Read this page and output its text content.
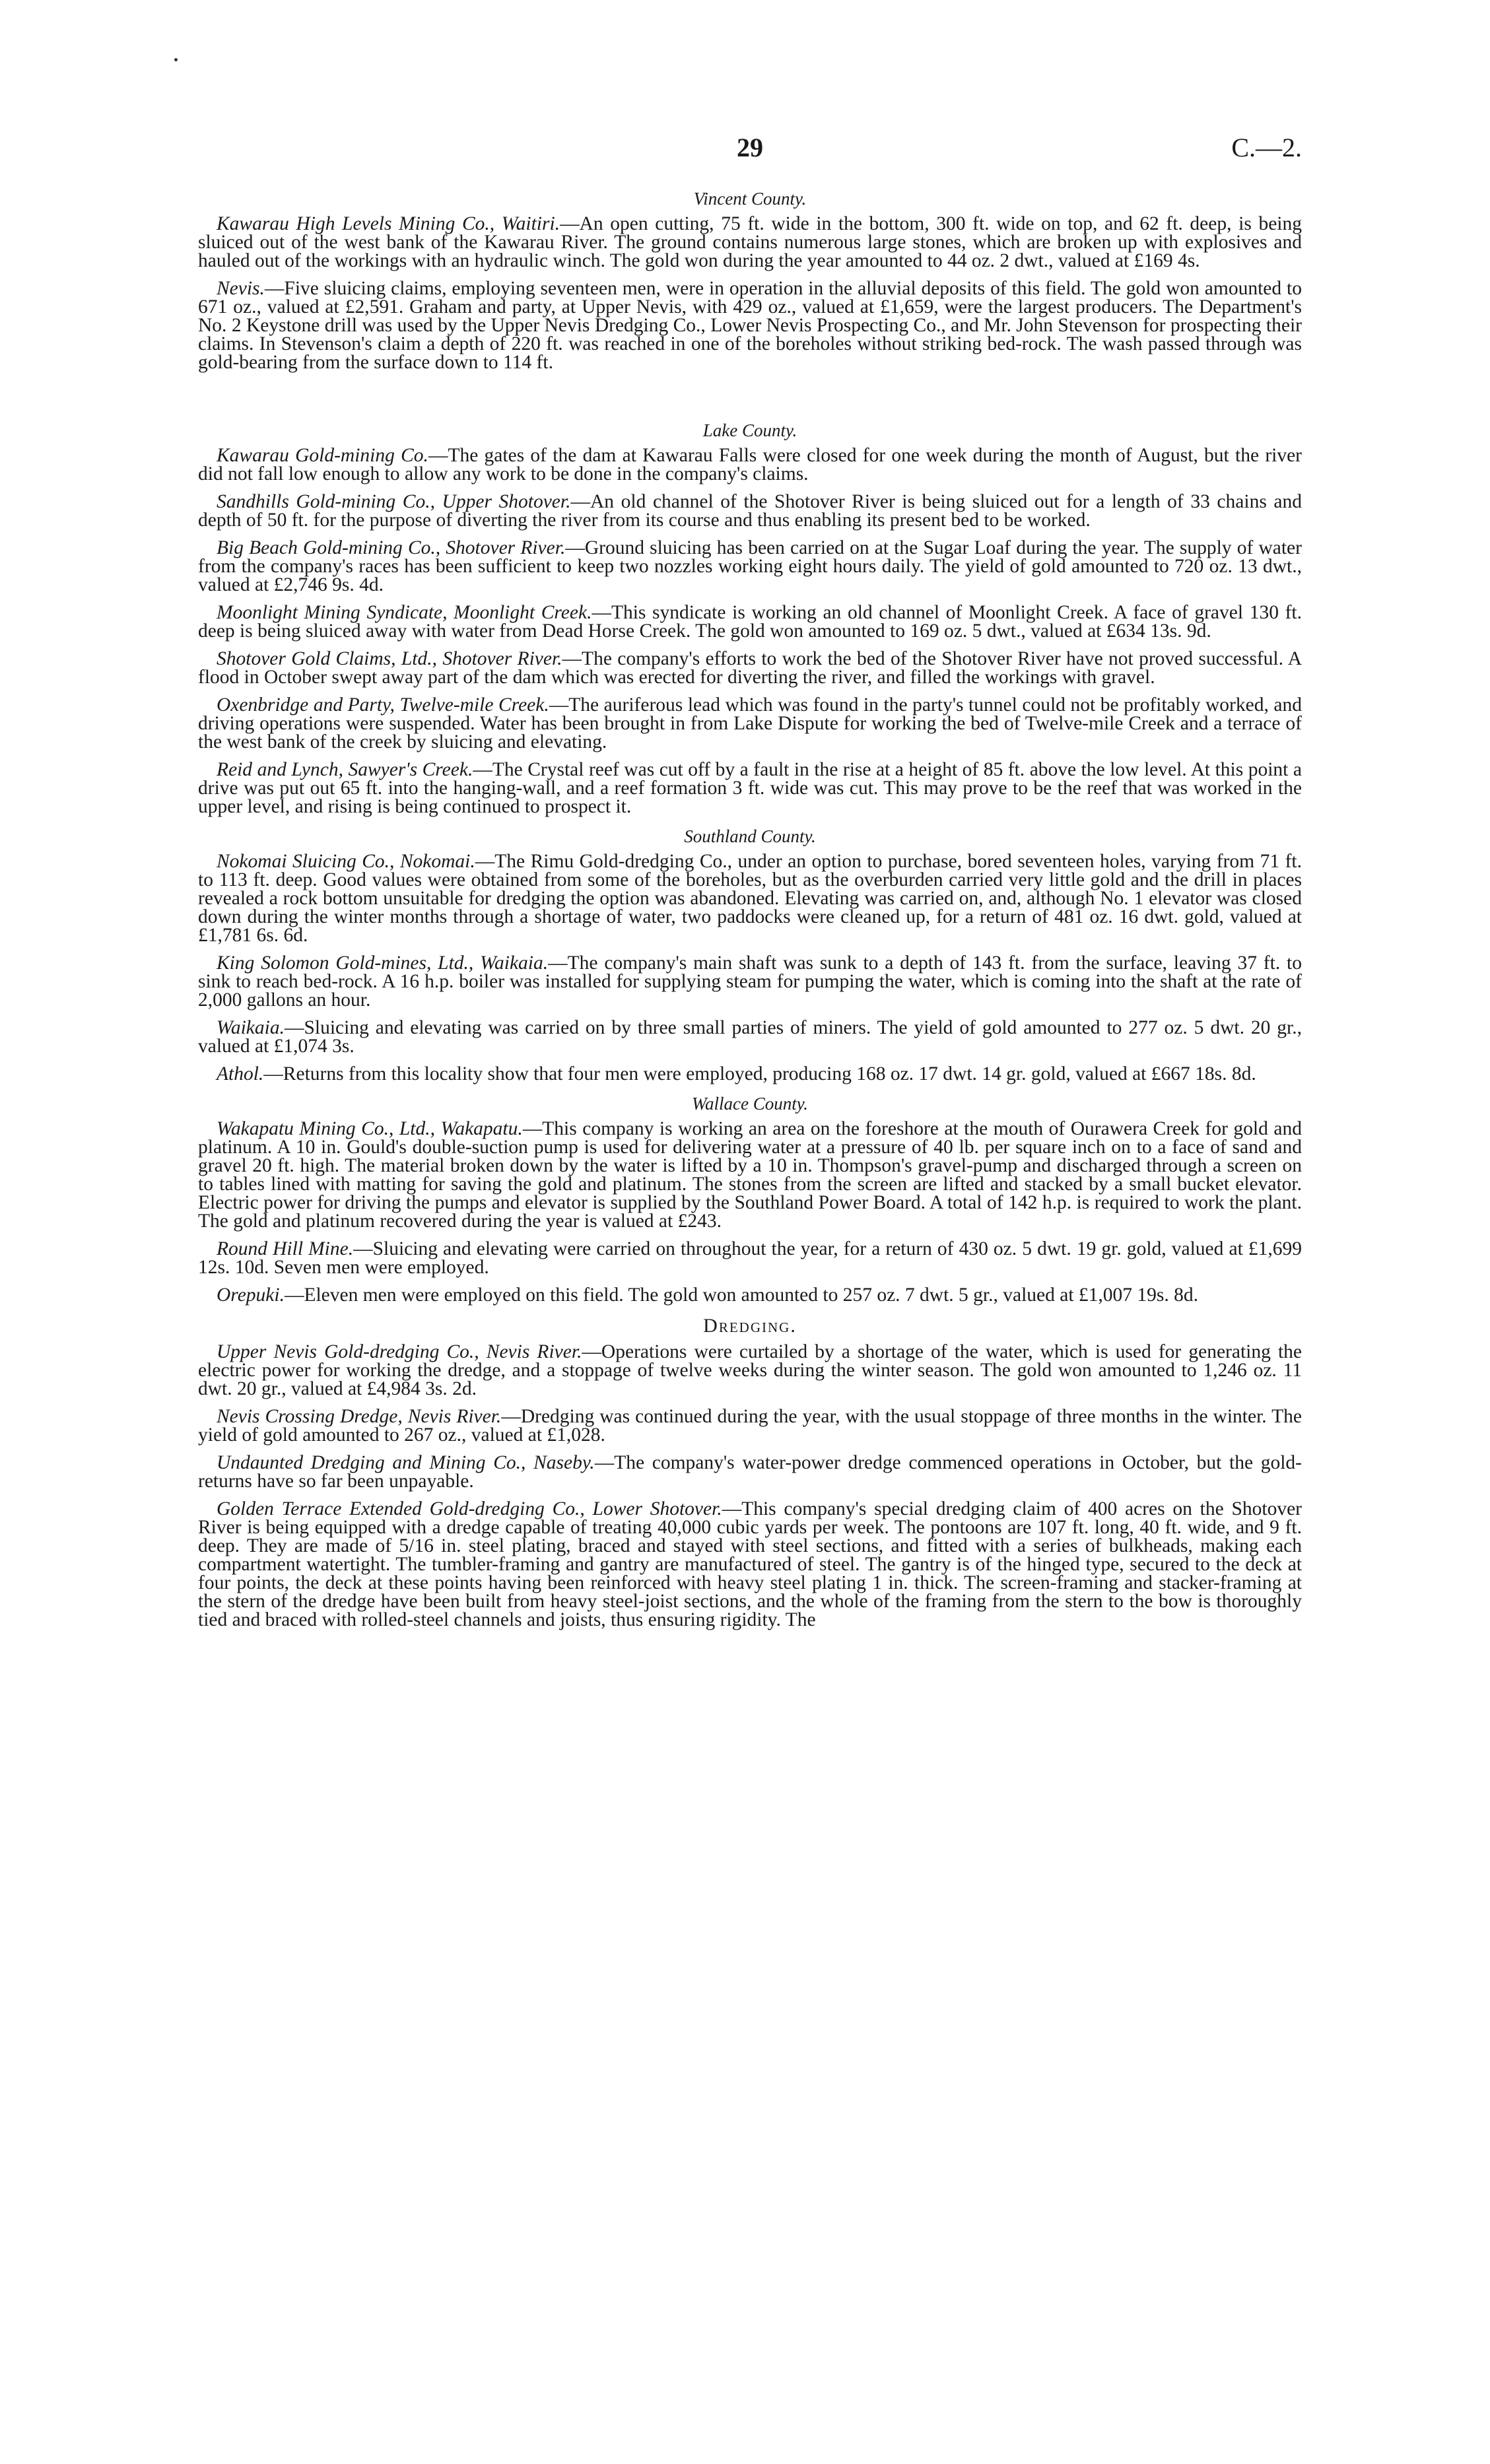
29	C.—2.
Vincent County.

Kawarau High Levels Mining Co., Waitiri.—An open cutting, 75 ft. wide in the bottom, 300 ft. wide on top, and 62 ft. deep, is being sluiced out of the west bank of the Kawarau River. The ground contains numerous large stones, which are broken up with explosives and hauled out of the workings with an hydraulic winch. The gold won during the year amounted to 44 oz. 2 dwt., valued at £169 4s.

Nevis.—Five sluicing claims, employing seventeen men, were in operation in the alluvial deposits of this field. The gold won amounted to 671 oz., valued at £2,591. Graham and party, at Upper Nevis, with 429 oz., valued at £1,659, were the largest producers. The Department's No. 2 Keystone drill was used by the Upper Nevis Dredging Co., Lower Nevis Prospecting Co., and Mr. John Stevenson for prospecting their claims. In Stevenson's claim a depth of 220 ft. was reached in one of the boreholes without striking bed-rock. The wash passed through was gold-bearing from the surface down to 114 ft.

Lake County.

Kawarau Gold-mining Co.—The gates of the dam at Kawarau Falls were closed for one week during the month of August, but the river did not fall low enough to allow any work to be done in the company's claims.

Sandhills Gold-mining Co., Upper Shotover.—An old channel of the Shotover River is being sluiced out for a length of 33 chains and depth of 50 ft. for the purpose of diverting the river from its course and thus enabling its present bed to be worked.

Big Beach Gold-mining Co., Shotover River.—Ground sluicing has been carried on at the Sugar Loaf during the year. The supply of water from the company's races has been sufficient to keep two nozzles working eight hours daily. The yield of gold amounted to 720 oz. 13 dwt., valued at £2,746 9s. 4d.

Moonlight Mining Syndicate, Moonlight Creek.—This syndicate is working an old channel of Moonlight Creek. A face of gravel 130 ft. deep is being sluiced away with water from Dead Horse Creek. The gold won amounted to 169 oz. 5 dwt., valued at £634 13s. 9d.

Shotover Gold Claims, Ltd., Shotover River.—The company's efforts to work the bed of the Shotover River have not proved successful. A flood in October swept away part of the dam which was erected for diverting the river, and filled the workings with gravel.

Oxenbridge and Party, Twelve-mile Creek.—The auriferous lead which was found in the party's tunnel could not be profitably worked, and driving operations were suspended. Water has been brought in from Lake Dispute for working the bed of Twelve-mile Creek and a terrace of the west bank of the creek by sluicing and elevating.

Reid and Lynch, Sawyer's Creek.—The Crystal reef was cut off by a fault in the rise at a height of 85 ft. above the low level. At this point a drive was put out 65 ft. into the hanging-wall, and a reef formation 3 ft. wide was cut. This may prove to be the reef that was worked in the upper level, and rising is being continued to prospect it.

Southland County.

Nokomai Sluicing Co., Nokomai.—The Rimu Gold-dredging Co., under an option to purchase, bored seventeen holes, varying from 71 ft. to 113 ft. deep. Good values were obtained from some of the boreholes, but as the overburden carried very little gold and the drill in places revealed a rock bottom unsuitable for dredging the option was abandoned. Elevating was carried on, and, although No. 1 elevator was closed down during the winter months through a shortage of water, two paddocks were cleaned up, for a return of 481 oz. 16 dwt. gold, valued at £1,781 6s. 6d.

King Solomon Gold-mines, Ltd., Waikaia.—The company's main shaft was sunk to a depth of 143 ft. from the surface, leaving 37 ft. to sink to reach bed-rock. A 16 h.p. boiler was installed for supplying steam for pumping the water, which is coming into the shaft at the rate of 2,000 gallons an hour.

Waikaia.—Sluicing and elevating was carried on by three small parties of miners. The yield of gold amounted to 277 oz. 5 dwt. 20 gr., valued at £1,074 3s.

Athol.—Returns from this locality show that four men were employed, producing 168 oz. 17 dwt. 14 gr. gold, valued at £667 18s. 8d.

Wallace County.

Wakapatu Mining Co., Ltd., Wakapatu.—This company is working an area on the foreshore at the mouth of Ourawera Creek for gold and platinum. A 10 in. Gould's double-suction pump is used for delivering water at a pressure of 40 lb. per square inch on to a face of sand and gravel 20 ft. high. The material broken down by the water is lifted by a 10 in. Thompson's gravel-pump and discharged through a screen on to tables lined with matting for saving the gold and platinum. The stones from the screen are lifted and stacked by a small bucket elevator. Electric power for driving the pumps and elevator is supplied by the Southland Power Board. A total of 142 h.p. is required to work the plant. The gold and platinum recovered during the year is valued at £243.

Round Hill Mine.—Sluicing and elevating were carried on throughout the year, for a return of 430 oz. 5 dwt. 19 gr. gold, valued at £1,699 12s. 10d. Seven men were employed.

Orepuki.—Eleven men were employed on this field. The gold won amounted to 257 oz. 7 dwt. 5 gr., valued at £1,007 19s. 8d.

Dredging.

Upper Nevis Gold-dredging Co., Nevis River.—Operations were curtailed by a shortage of the water, which is used for generating the electric power for working the dredge, and a stoppage of twelve weeks during the winter season. The gold won amounted to 1,246 oz. 11 dwt. 20 gr., valued at £4,984 3s. 2d.

Nevis Crossing Dredge, Nevis River.—Dredging was continued during the year, with the usual stoppage of three months in the winter. The yield of gold amounted to 267 oz., valued at £1,028.

Undaunted Dredging and Mining Co., Naseby.—The company's water-power dredge commenced operations in October, but the gold-returns have so far been unpayable.

Golden Terrace Extended Gold-dredging Co., Lower Shotover.—This company's special dredging claim of 400 acres on the Shotover River is being equipped with a dredge capable of treating 40,000 cubic yards per week. The pontoons are 107 ft. long, 40 ft. wide, and 9 ft. deep. They are made of 5/16 in. steel plating, braced and stayed with steel sections, and fitted with a series of bulkheads, making each compartment watertight. The tumbler-framing and gantry are manufactured of steel. The gantry is of the hinged type, secured to the deck at four points, the deck at these points having been reinforced with heavy steel plating 1 in. thick. The screen-framing and stacker-framing at the stern of the dredge have been built from heavy steel-joist sections, and the whole of the framing from the stern to the bow is thoroughly tied and braced with rolled-steel channels and joists, thus ensuring rigidity. The
